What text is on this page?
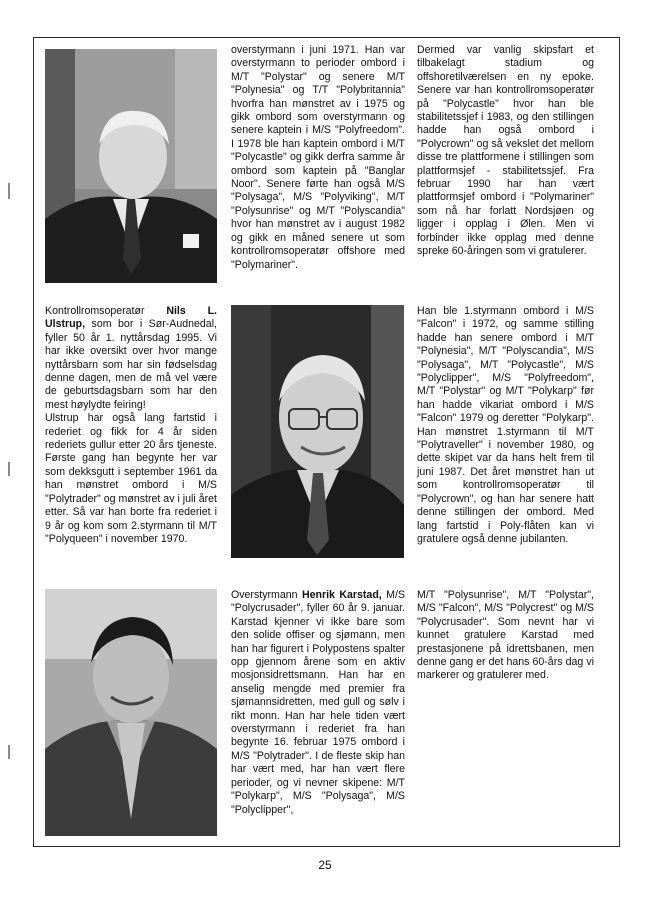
overstyrmann i juni 1971. Han var overstyrmann to perioder ombord i M/T "Polystar" og senere M/T "Polynesia" og T/T "Polybritannia" hvorfra han mønstret av i 1975 og gikk ombord som overstyrmann og senere kaptein i M/S "Polyfreedom". I 1978 ble han kaptein ombord i M/T "Polycastle" og gikk derfra samme år ombord som kaptein på "Banglar Noor". Senere førte han også M/S "Polysaga", M/S "Polyviking", M/T "Polysunrise" og M/T "Polyscandia" hvor han mønstret av i august 1982 og gikk en måned senere ut som kontrollromsoperatør offshore med "Polymariner".

Dermed var vanlig skipsfart et tilbakelagt stadium og offshoretilværelsen en ny epoke. Senere var han kontrollromsoperatør på "Polycastle" hvor han ble stabilitetssjef i 1983, og den stillingen hadde han også ombord i "Polycrown" og så vekslet det mellom disse tre plattformene i stillingen som plattformsjef - stabilitetssjef. Fra februar 1990 har han vært plattformsjef ombord i "Polymariner" som nå har forlatt Nordsjøen og ligger i opplag i Ølen. Men vi forbinder ikke opplag med denne spreke 60-åringen som vi gratulerer.

Kontrollromsoperatør Nils L. Ulstrup, som bor i Sør-Audnedal, fyller 50 år 1. nyttårsdag 1995. Vi har ikke oversikt over hvor mange nyttårsbarn som har sin fødselsdag denne dagen, men de må vel være de geburtsdagsbarn som har den mest høylydte feiring!

Ulstrup har også lang fartstid i rederiet og fikk for 4 år siden rederiets gullur etter 20 års tjeneste. Første gang han begynte her var som dekksgutt i september 1961 da han mønstret ombord i M/S "Polytrader" og mønstret av i juli året etter. Så var han borte fra rederiet i 9 år og kom som 2.styrmann til M/T "Polyqueen" i november 1970.

Han ble 1.styrmann ombord i M/S "Falcon" i 1972, og samme stilling hadde han senere ombord i M/T "Polynesia", M/T "Polyscandia", M/S "Polysaga", M/T "Polycastle", M/S "Polyclipper", M/S "Polyfreedom", M/T "Polystar" og M/T "Polykarp" før han hadde vikariat ombord i M/S "Falcon" 1979 og deretter "Polykarp". Han mønstret 1.styrmann til M/T "Polytraveller" i november 1980, og dette skipet var da hans helt frem til juni 1987. Det året mønstret han ut som kontrollromsoperatør til "Polycrown", og han har senere hatt denne stillingen der ombord. Med lang fartstid i Poly-flåten kan vi gratulere også denne jubilanten.

Overstyrmann Henrik Karstad, M/S "Polycrusader", fyller 60 år 9. januar. Karstad kjenner vi ikke bare som den solide offiser og sjømann, men han har figurert i Polypostens spalter opp gjennom årene som en aktiv mosjonsidrettsmann. Han har en anselig mengde med premier fra sjømannsidretten, med gull og sølv i rikt monn. Han har hele tiden vært overstyrmann i rederiet fra han begynte 16. februar 1975 ombord i M/S "Polytrader". I de fleste skip han har vært med, har han vært flere perioder, og vi nevner skipene: M/T "Polykarp", M/S "Polysaga", M/S "Polyclipper",

M/T "Polysunrise", M/T "Polystar", M/S "Falcon", M/S "Polycrest" og M/S "Polycrusader". Som nevnt har vi kunnet gratulere Karstad med prestasjonene på idrettsbanen, men denne gang er det hans 60-års dag vi markerer og gratulerer med.

25
